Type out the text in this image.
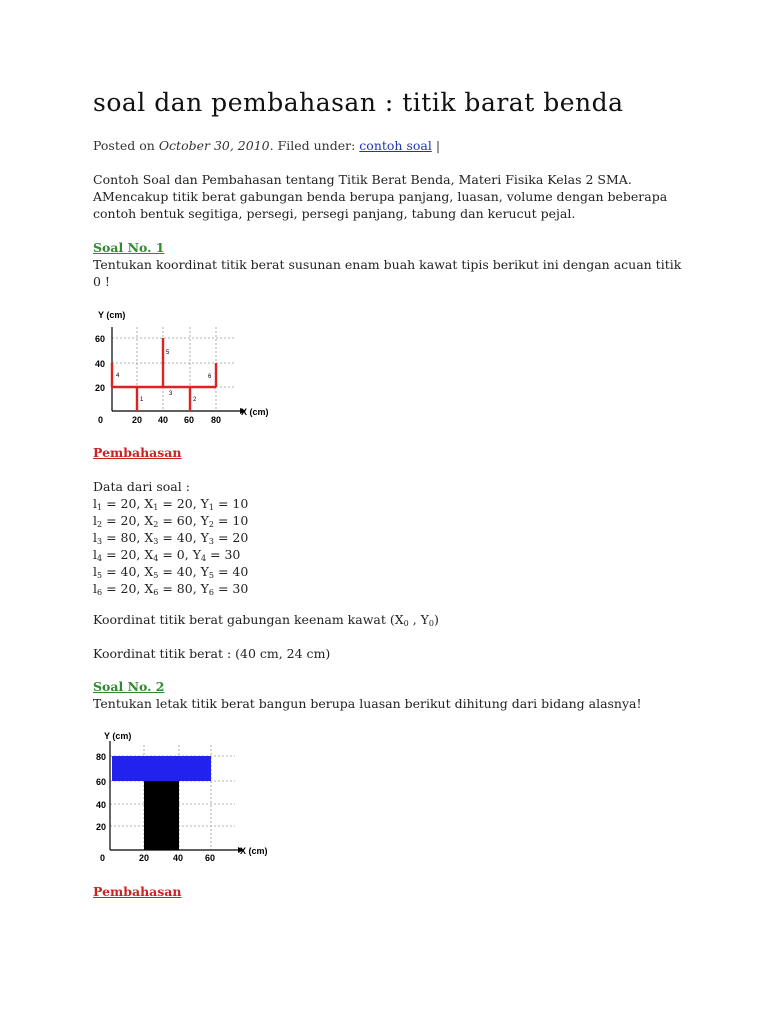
soal dan pembahasan : titik barat benda
Posted on October 30, 2010. Filed under: contoh soal |
Contoh Soal dan Pembahasan tentang Titik Berat Benda, Materi Fisika Kelas 2 SMA.
AMencakup titik berat gabungan benda berupa panjang, luasan, volume dengan beberapa
contoh bentuk segitiga, persegi, persegi panjang, tabung dan kerucut pejal.
Soal No. 1
Tentukan koordinat titik berat susunan enam buah kawat tipis berikut ini dengan acuan titik
0 !
1	2
3
4
5
6
Y (cm)
X (cm)
60
40
20
0	20 40 60 80
Pembahasan
Data dari soal :
$l_1 = 20$, $X_1 = 20$, $Y_1 = 10$
$l_2 = 20$, $X_2 = 60$, $Y_2 = 10$
$l_3 = 80$, $X_3 = 40$, $Y_3 = 20$
$l_4 = 20$, $X_4 = 0$, $Y_4 = 30$
$l_5 = 40$, $X_5 = 40$, $Y_5 = 40$
$l_6 = 20$, $X_6 = 80$, $Y_6 = 30$
Koordinat titik berat gabungan keenam kawat ($X_0$ , $Y_0$)
Koordinat titik berat : (40 cm, 24 cm)
Soal No. 2
Tentukan letak titik berat bangun berupa luasan berikut dihitung dari bidang alasnya!
Y (cm)
X (cm)
80
60
40
20
0	20	40 60
Pembahasan
